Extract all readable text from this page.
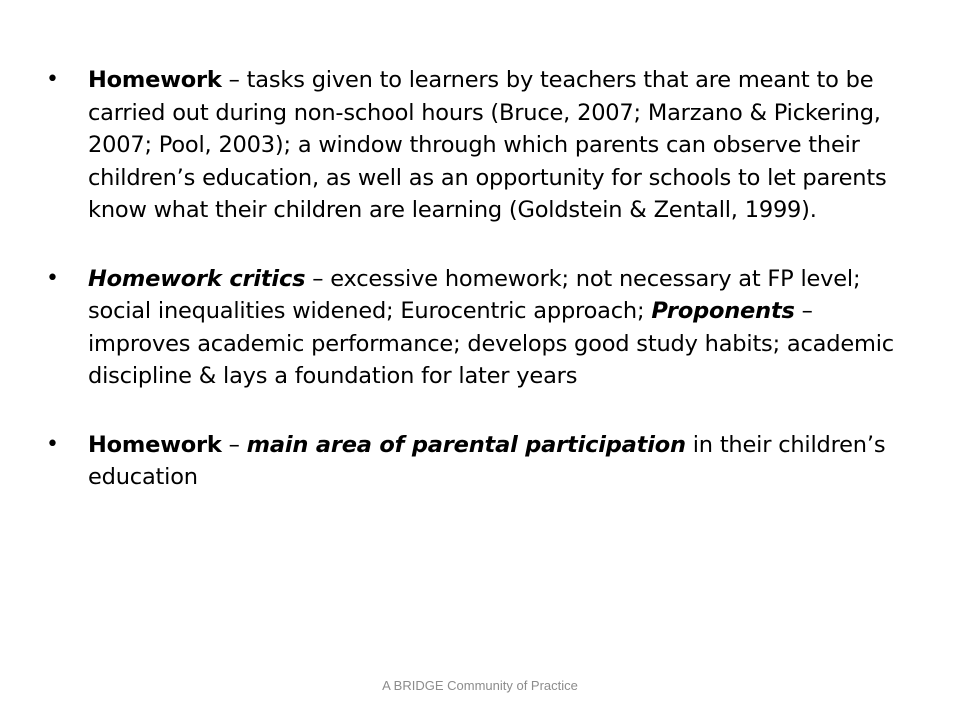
•	Homework – tasks given to learners by teachers that are meant to be carried out during non-school hours (Bruce, 2007; Marzano & Pickering, 2007; Pool, 2003); a window through which parents can observe their children’s education, as well as an opportunity for schools to let parents know what their children are learning (Goldstein & Zentall, 1999).
•	Homework critics – excessive homework; not necessary at FP level; social inequalities widened; Eurocentric approach; Proponents – improves academic performance; develops good study habits; academic discipline & lays a foundation for later years
•	Homework – main area of parental participation in their children’s education
A BRIDGE Community of Practice
